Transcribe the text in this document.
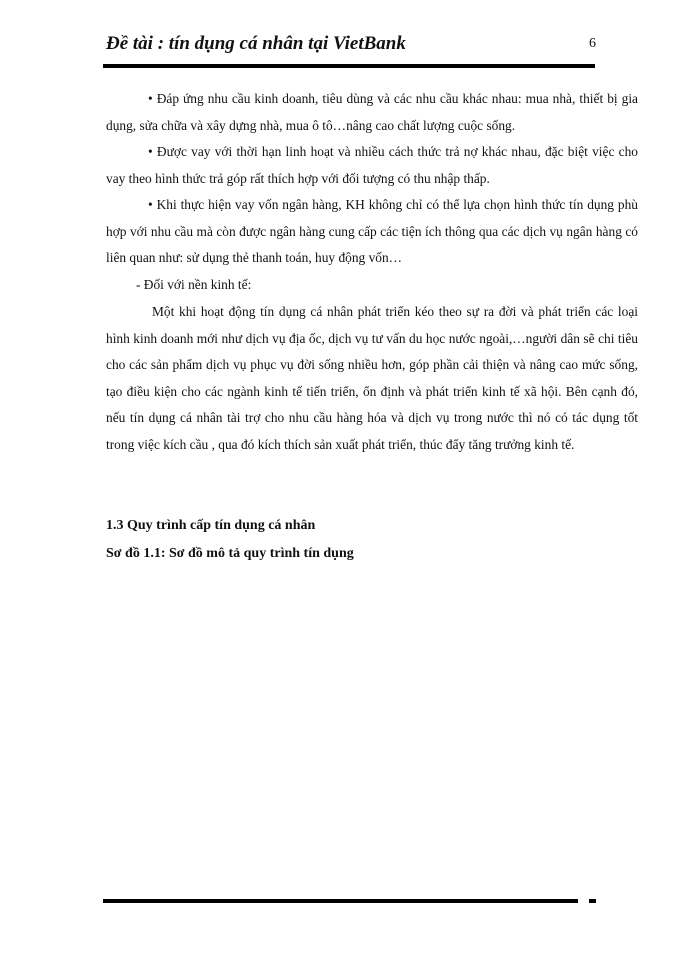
Đề tài : tín dụng cá nhân tại VietBank	6
• Đáp ứng nhu cầu kinh doanh, tiêu dùng và các nhu cầu khác nhau: mua nhà, thiết bị gia dụng, sửa chữa và xây dựng nhà, mua ô tô…nâng cao chất lượng cuộc sống.
• Được vay với thời hạn linh hoạt và nhiều cách thức trả nợ khác nhau, đặc biệt việc cho vay theo hình thức trả góp rất thích hợp với đối tượng có thu nhập thấp.
• Khi thực hiện vay vốn ngân hàng, KH không chỉ có thể lựa chọn hình thức tín dụng phù hợp với nhu cầu mà còn được ngân hàng cung cấp các tiện ích thông qua các dịch vụ ngân hàng có liên quan như: sử dụng thẻ thanh toán, huy động vốn…
- Đối với nền kinh tế:
Một khi hoạt động tín dụng cá nhân phát triển kéo theo sự ra đời và phát triển các loại hình kinh doanh mới như dịch vụ địa ốc, dịch vụ tư vấn du học nước ngoài,…người dân sẽ chi tiêu cho các sản phẩm dịch vụ phục vụ đời sống nhiều hơn, góp phần cải thiện và nâng cao mức sống, tạo điều kiện cho các ngành kinh tế tiến triển, ổn định và phát triển kinh tế xã hội. Bên cạnh đó, nếu tín dụng cá nhân tài trợ cho nhu cầu hàng hóa và dịch vụ trong nước thì nó có tác dụng tốt trong việc kích cầu , qua đó kích thích sản xuất phát triển, thúc đẩy tăng trưởng kinh tế.
1.3 Quy trình cấp tín dụng cá nhân
Sơ đồ 1.1: Sơ đồ mô tả quy trình tín dụng
